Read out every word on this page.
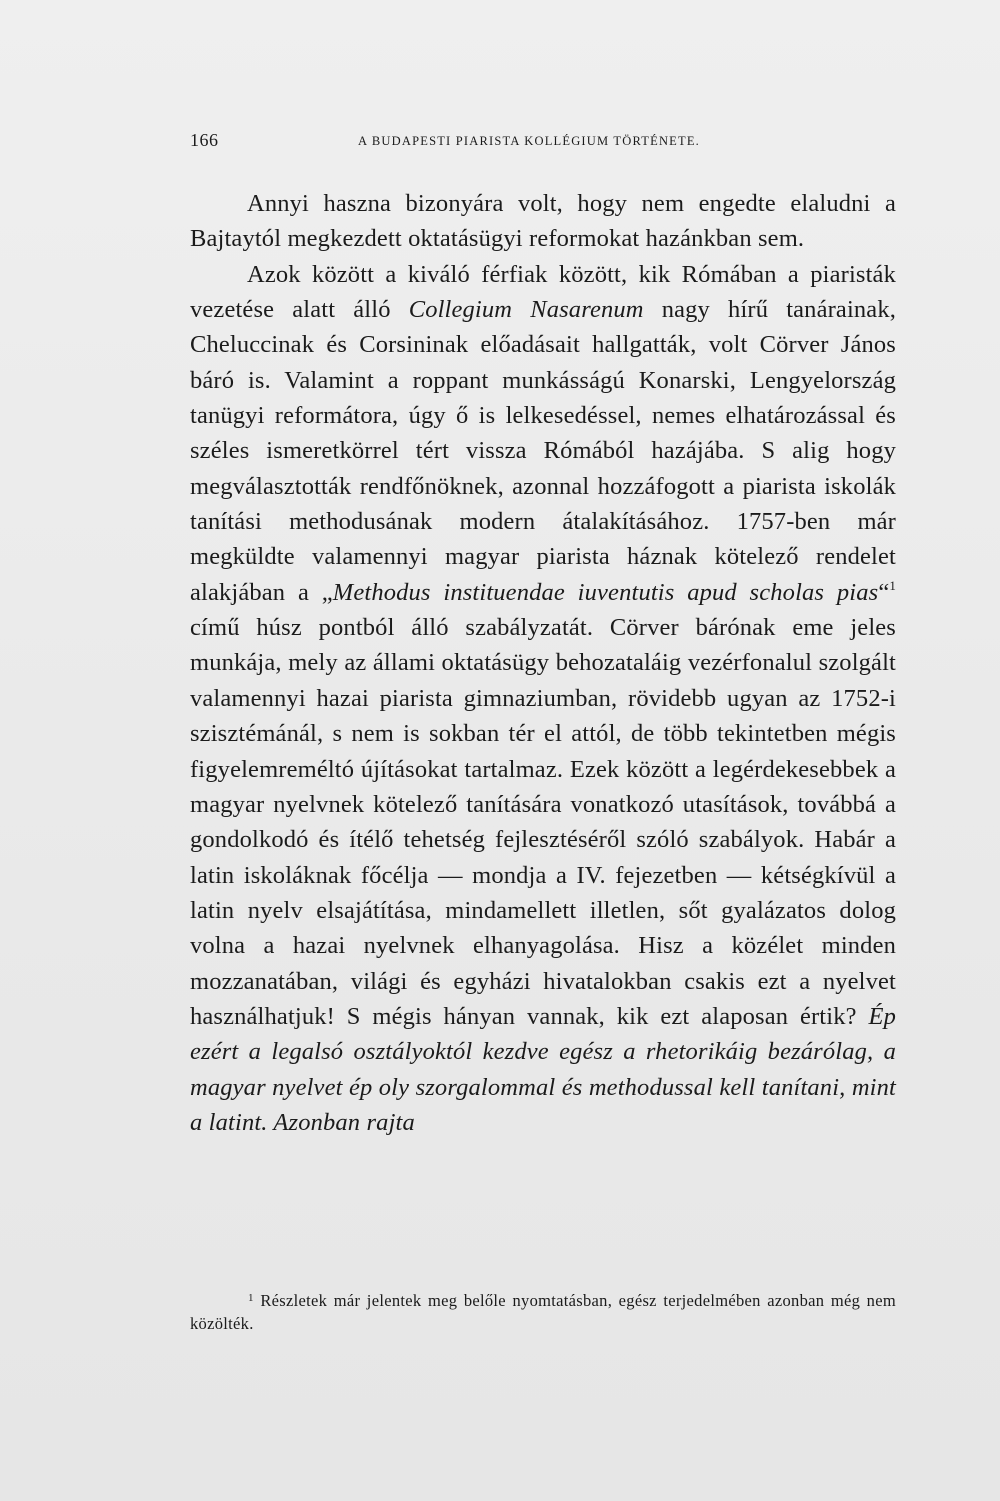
166	A BUDAPESTI PIARISTA KOLLÉGIUM TÖRTÉNETE.

Annyi haszna bizonyára volt, hogy nem engedte elaludni a Bajtaytól megkezdett oktatásügyi reformokat hazánkban sem.

Azok között a kiváló férfiak között, kik Rómában a piaristák vezetése alatt álló Collegium Nasarenum nagy hírű tanárainak, Cheluccinak és Corsininak előadásait hallgatták, volt Cörver János báró is. Valamint a roppant munkásságú Konarski, Lengyelország tanügyi reformátora, úgy ő is lelkesedéssel, nemes elhatározással és széles ismeretkörrel tért vissza Rómából hazájába. S alig hogy megválasztották rendfőnöknek, azonnal hozzáfogott a piarista iskolák tanítási methodusának modern átalakításához. 1757-ben már megküldte valamennyi magyar piarista háznak kötelező rendelet alakjában a „Methodus instituendae iuventutis apud scholas pias“$^1$ című húsz pontból álló szabályzatát. Cörver bárónak eme jeles munkája, mely az állami oktatásügy behozataláig vezérfonalul szolgált valamennyi hazai piarista gimnaziumban, rövidebb ugyan az 1752-i szisztémánál, s nem is sokban tér el attól, de több tekintetben mégis figyelemreméltó újításokat tartalmaz. Ezek között a legérdekesebbek a magyar nyelvnek kötelező tanítására vonatkozó utasítások, továbbá a gondolkodó és ítélő tehetség fejlesztéséről szóló szabályok. Habár a latin iskoláknak főcélja — mondja a IV. fejezetben — kétségkívül a latin nyelv elsajátítása, mindamellett illetlen, sőt gyalázatos dolog volna a hazai nyelvnek elhanyagolása. Hisz a közélet minden mozzanatában, világi és egyházi hivatalokban csakis ezt a nyelvet használhatjuk! S mégis hányan vannak, kik ezt alaposan értik? Ép ezért a legalsó osztályoktól kezdve egész a rhetorikáig bezárólag, a magyar nyelvet ép oly szorgalommal és methodussal kell tanítani, mint a latint. Azonban rajta

$^1$ Részletek már jelentek meg belőle nyomtatásban, egész terjedelmében azonban még nem közölték.
